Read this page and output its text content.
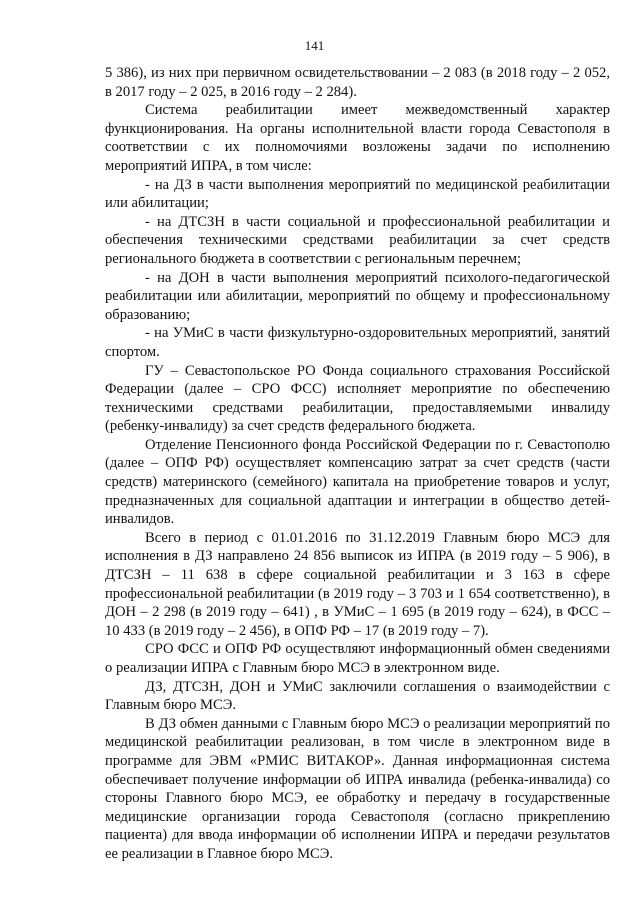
141

5 386), из них при первичном освидетельствовании – 2 083 (в 2018 году – 2 052, в 2017 году – 2 025, в 2016 году – 2 284).

Система реабилитации имеет межведомственный характер функционирования. На органы исполнительной власти города Севастополя в соответствии с их полномочиями возложены задачи по исполнению мероприятий ИПРА, в том числе:

- на ДЗ в части выполнения мероприятий по медицинской реабилитации или абилитации;

- на ДТСЗН в части социальной и профессиональной реабилитации и обеспечения техническими средствами реабилитации за счет средств регионального бюджета в соответствии с региональным перечнем;

- на ДОН в части выполнения мероприятий психолого-педагогической реабилитации или абилитации, мероприятий по общему и профессиональному образованию;

- на УМиС в части физкультурно-оздоровительных мероприятий, занятий спортом.

ГУ – Севастопольское РО Фонда социального страхования Российской Федерации (далее – СРО ФСС) исполняет мероприятие по обеспечению техническими средствами реабилитации, предоставляемыми инвалиду (ребенку-инвалиду) за счет средств федерального бюджета.

Отделение Пенсионного фонда Российской Федерации по г. Севастополю (далее – ОПФ РФ) осуществляет компенсацию затрат за счет средств (части средств) материнского (семейного) капитала на приобретение товаров и услуг, предназначенных для социальной адаптации и интеграции в общество детей-инвалидов.

Всего в период с 01.01.2016 по 31.12.2019 Главным бюро МСЭ для исполнения в ДЗ направлено 24 856 выписок из ИПРА (в 2019 году – 5 906), в ДТСЗН – 11 638 в сфере социальной реабилитации и 3 163 в сфере профессиональной реабилитации (в 2019 году – 3 703 и 1 654 соответственно), в ДОН – 2 298 (в 2019 году – 641) , в УМиС – 1 695 (в 2019 году – 624), в ФСС – 10 433 (в 2019 году – 2 456), в ОПФ РФ – 17 (в 2019 году – 7).

СРО ФСС и ОПФ РФ осуществляют информационный обмен сведениями о реализации ИПРА с Главным бюро МСЭ в электронном виде.

ДЗ, ДТСЗН, ДОН и УМиС заключили соглашения о взаимодействии с Главным бюро МСЭ.

В ДЗ обмен данными с Главным бюро МСЭ о реализации мероприятий по медицинской реабилитации реализован, в том числе в электронном виде в программе для ЭВМ «РМИС ВИТАКОР». Данная информационная система обеспечивает получение информации об ИПРА инвалида (ребенка-инвалида) со стороны Главного бюро МСЭ, ее обработку и передачу в государственные медицинские организации города Севастополя (согласно прикреплению пациента) для ввода информации об исполнении ИПРА и передачи результатов ее реализации в Главное бюро МСЭ.
